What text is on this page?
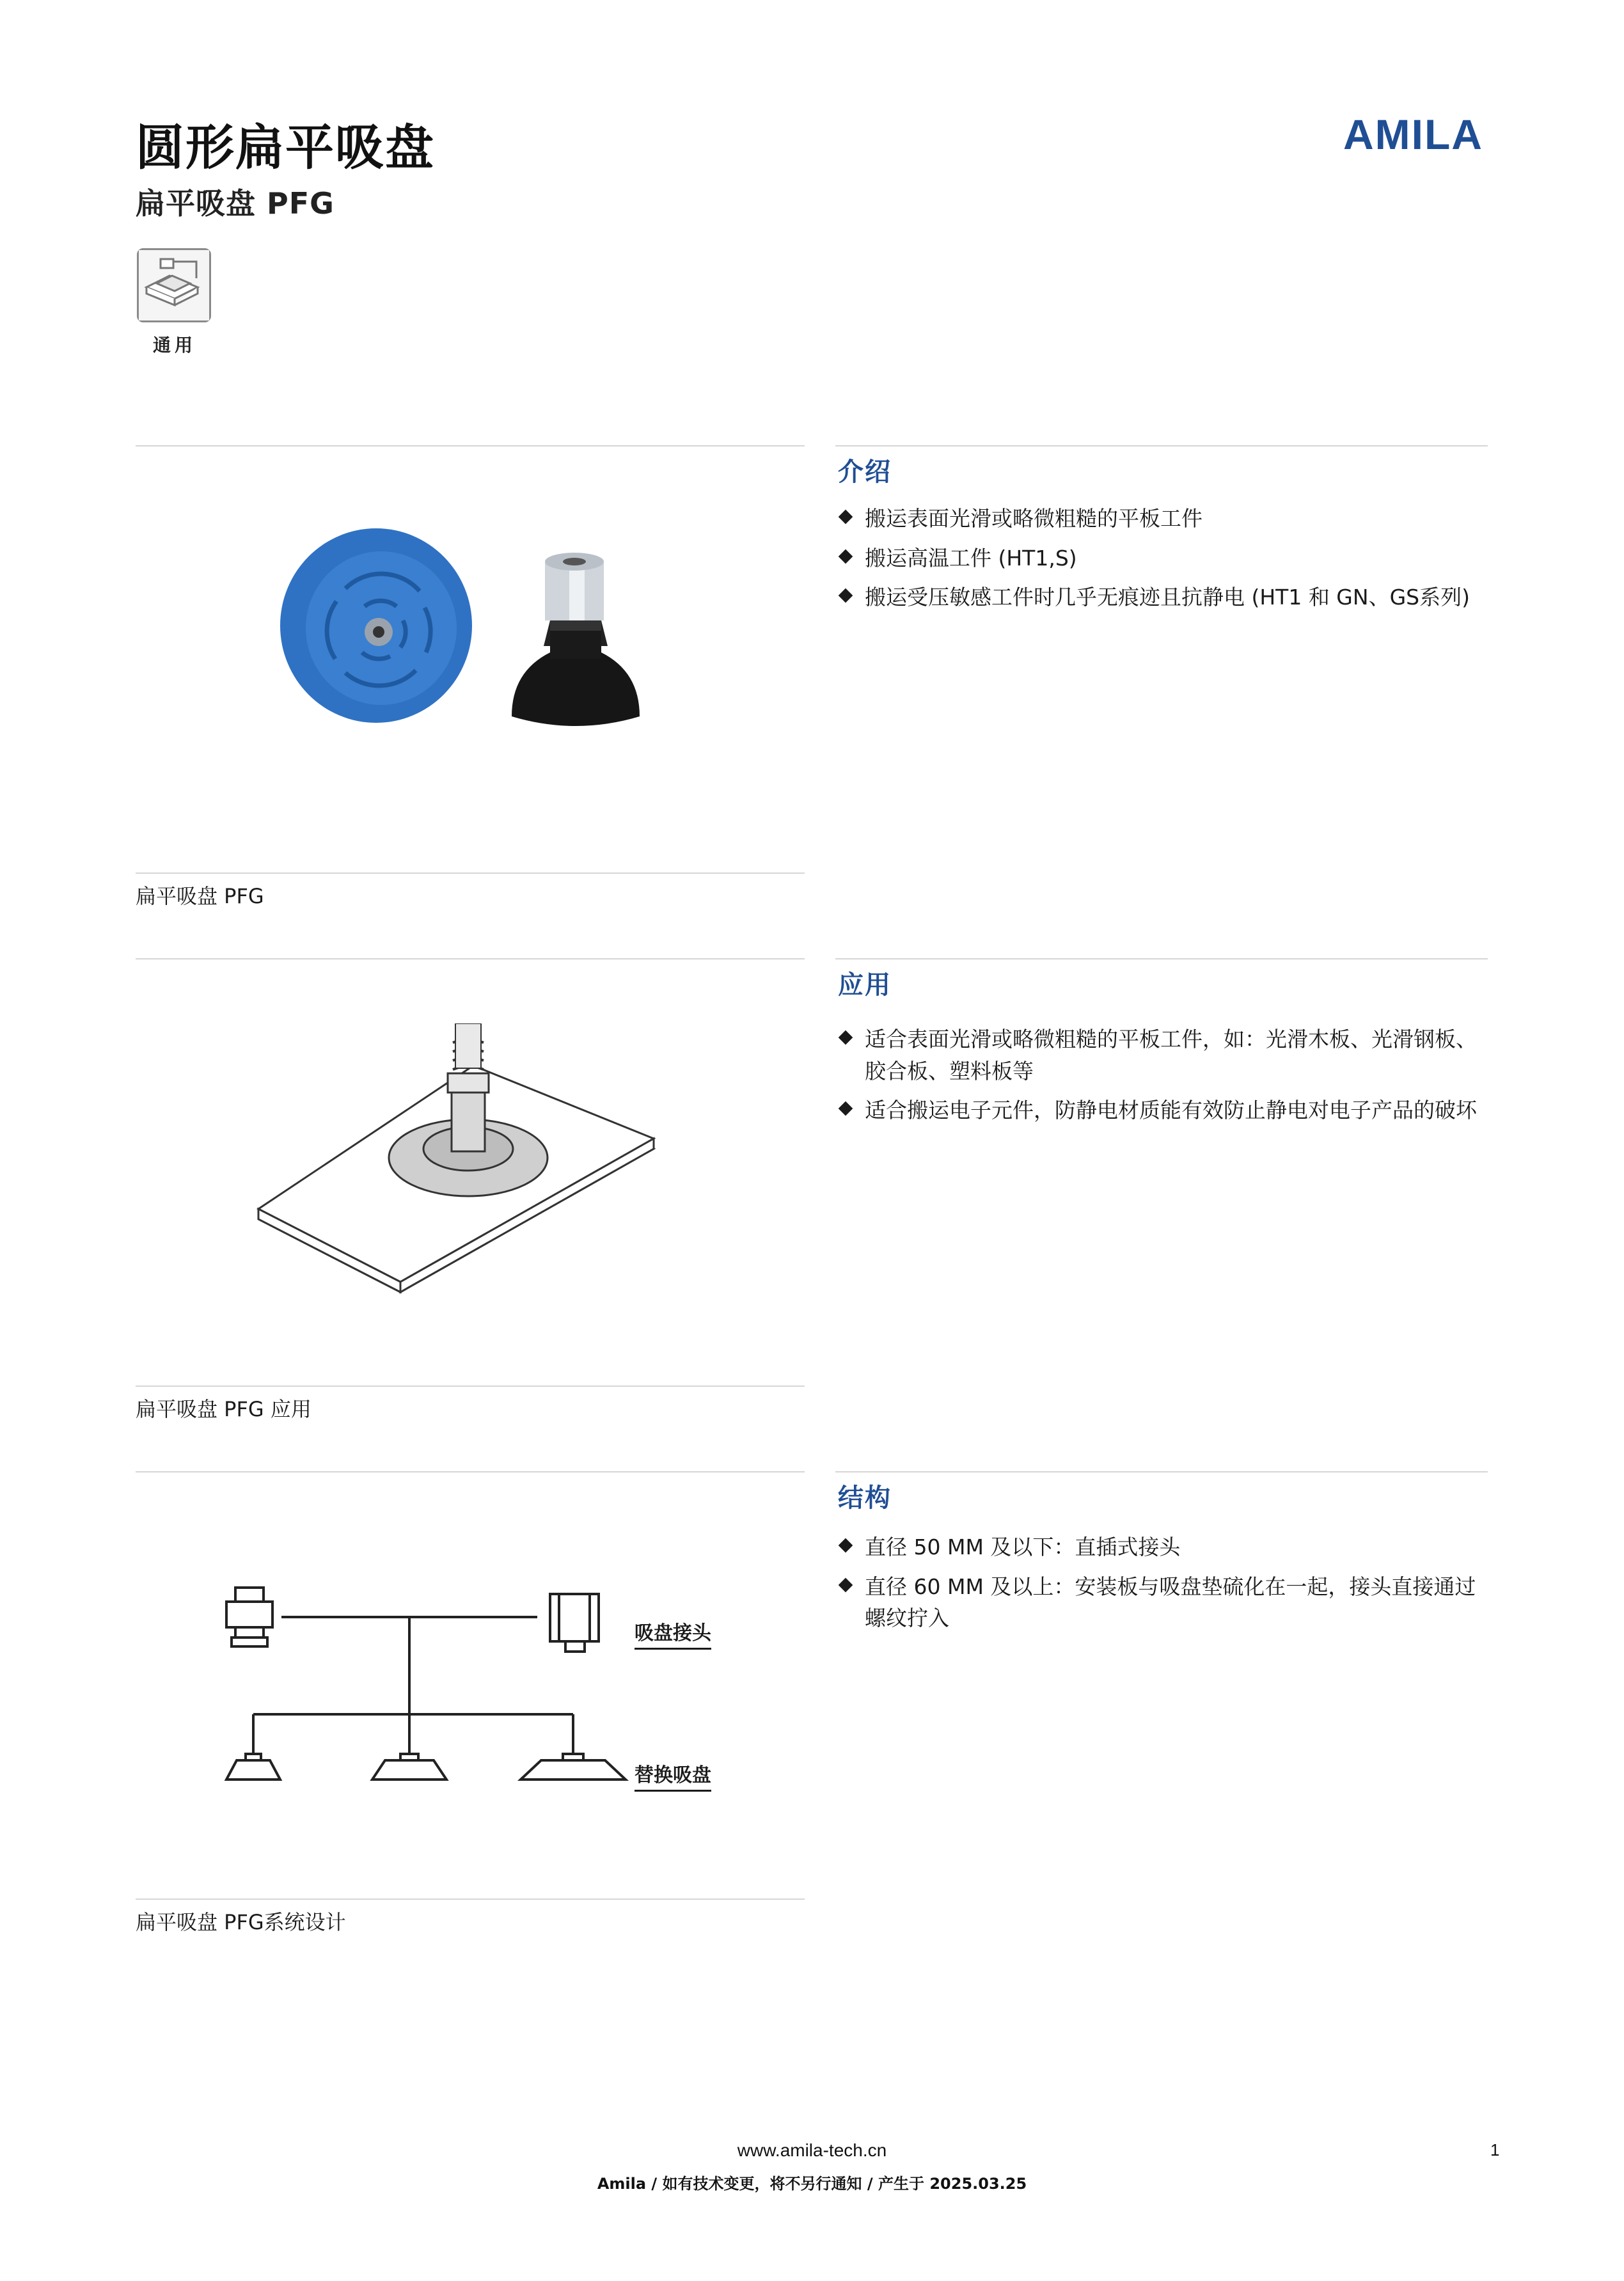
圆形扁平吸盘
扁平吸盘 PFG
AMILA
通用
介绍
搬运表面光滑或略微粗糙的平板工件
搬运高温工件 (HT1,S)
搬运受压敏感工件时几乎无痕迹且抗静电 (HT1 和 GN、GS系列)
扁平吸盘 PFG
应用
适合表面光滑或略微粗糙的平板工件，如：光滑木板、光滑钢板、胶合板、塑料板等
适合搬运电子元件，防静电材质能有效防止静电对电子产品的破坏
扁平吸盘 PFG 应用
结构
直径 50 MM 及以下：直插式接头
直径 60 MM 及以上：安装板与吸盘垫硫化在一起，接头直接通过螺纹拧入
吸盘接头
替换吸盘
扁平吸盘 PFG系统设计
www.amila-tech.cn
Amila / 如有技术变更，将不另行通知 / 产生于 2025.03.25
1
